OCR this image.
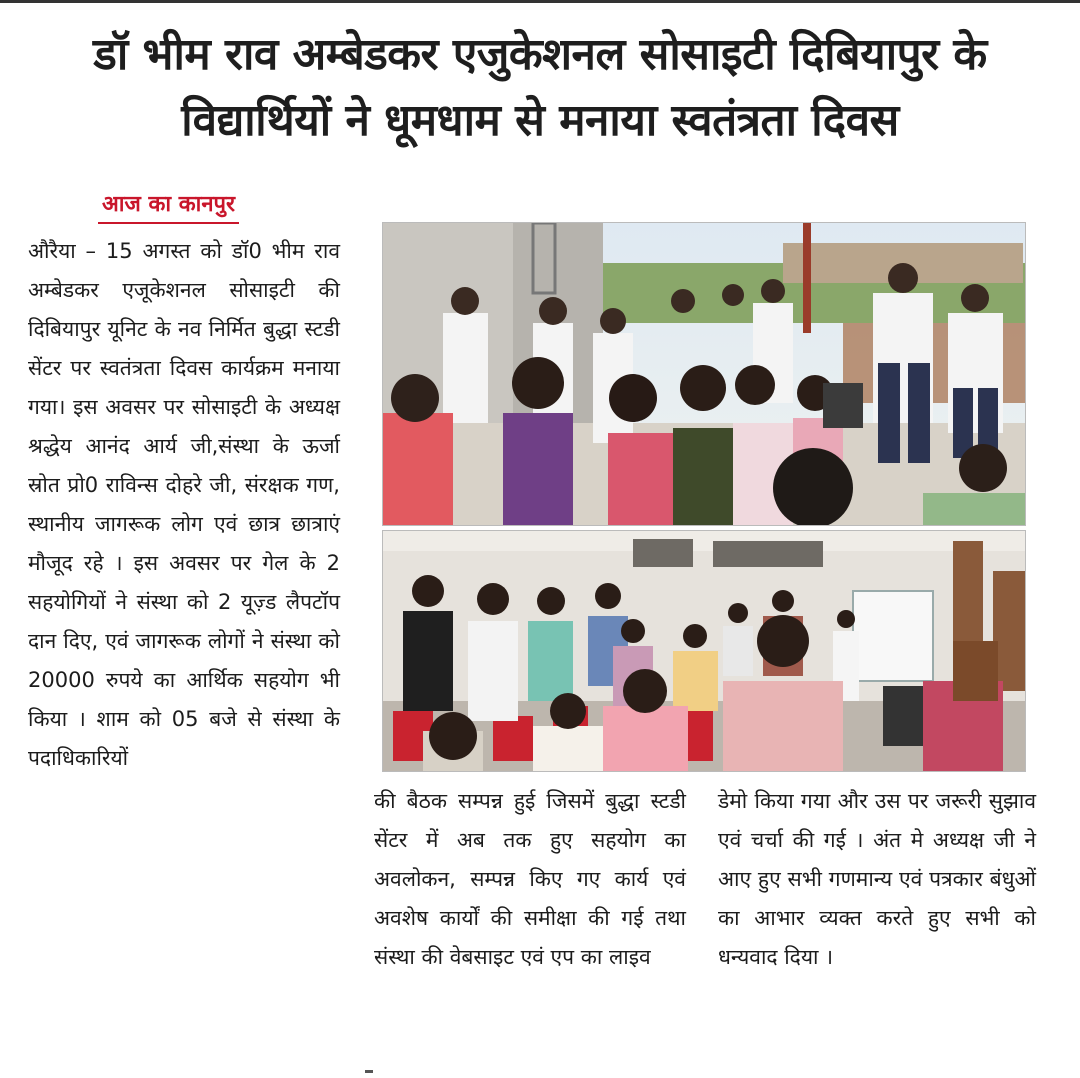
डॉ भीम राव अम्बेडकर एजुकेशनल सोसाइटी दिबियापुर के
विद्यार्थियों ने धूमधाम से मनाया स्वतंत्रता दिवस
आज का कानपुर
औरैया – 15 अगस्त को डॉ0 भीम राव अम्बेडकर एजूकेशनल सोसाइटी की दिबियापुर यूनिट के नव निर्मित बुद्धा स्टडी सेंटर पर स्वतंत्रता दिवस कार्यक्रम मनाया गया। इस अवसर पर सोसाइटी के अध्यक्ष श्रद्धेय आनंद आर्य जी,संस्था के ऊर्जा स्रोत प्रो0 राविन्स दोहरे जी, संरक्षक गण, स्थानीय जागरूक लोग एवं छात्र छात्राएं मौजूद रहे । इस अवसर पर गेल के 2 सहयोगियों ने संस्था को 2 यूज़्ड लैपटॉप दान दिए, एवं जागरूक लोगों ने संस्था को 20000 रुपये का आर्थिक सहयोग भी किया । शाम को 05 बजे से संस्था के पदाधिकारियों
की बैठक सम्पन्न हुई जिसमें बुद्धा स्टडी सेंटर में अब तक हुए सहयोग का अवलोकन, सम्पन्न किए गए कार्य एवं अवशेष कार्यों की समीक्षा की गई तथा संस्था की वेबसाइट एवं एप का लाइव
डेमो किया गया और उस पर जरूरी सुझाव एवं चर्चा की गई । अंत मे अध्यक्ष जी ने आए हुए सभी गणमान्य एवं पत्रकार बंधुओं का आभार व्यक्त करते हुए सभी को धन्यवाद दिया ।
